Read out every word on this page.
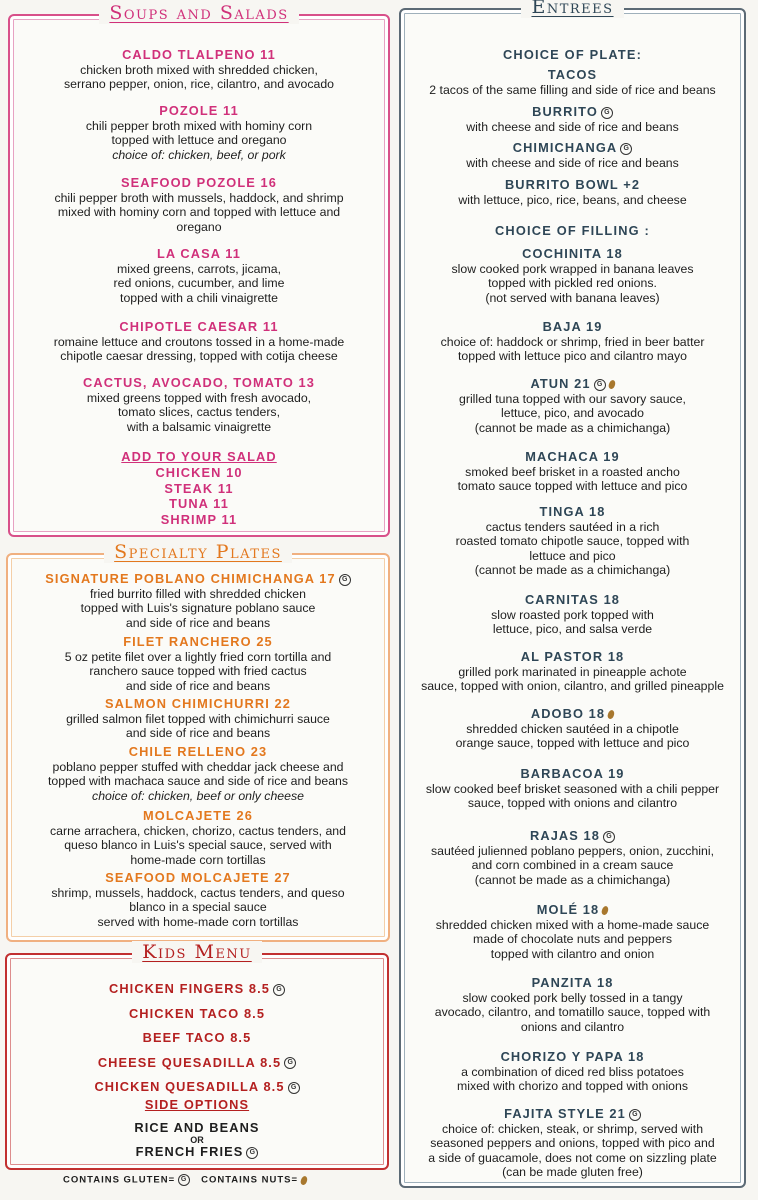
Soups and Salads
CALDO TLALPENO 11
chicken broth mixed with shredded chicken,
serrano pepper, onion, rice, cilantro, and avocado
POZOLE 11
chili pepper broth mixed with hominy corn
topped with lettuce and oregano
choice of: chicken, beef, or pork
SEAFOOD POZOLE 16
chili pepper broth with mussels, haddock, and shrimp
mixed with hominy corn and topped with lettuce and
oregano
LA CASA 11
mixed greens, carrots, jicama,
red onions, cucumber, and lime
topped with a chili vinaigrette
CHIPOTLE CAESAR 11
romaine lettuce and croutons tossed in a home-made
chipotle caesar dressing, topped with cotija cheese
CACTUS, AVOCADO, TOMATO 13
mixed greens topped with fresh avocado,
tomato slices, cactus tenders,
with a balsamic vinaigrette
ADD TO YOUR SALAD
CHICKEN 10
STEAK 11
TUNA 11
SHRIMP 11
Specialty Plates
SIGNATURE POBLANO CHIMICHANGA 17 G
fried burrito filled with shredded chicken
topped with Luis's signature poblano sauce
and side of rice and beans
FILET RANCHERO 25
5 oz petite filet over a lightly fried corn tortilla and
ranchero sauce topped with fried cactus
and side of rice and beans
SALMON CHIMICHURRI 22
grilled salmon filet topped with chimichurri sauce
and side of rice and beans
CHILE RELLENO 23
poblano pepper stuffed with cheddar jack cheese and
topped with machaca sauce and side of rice and beans
choice of: chicken, beef or only cheese
MOLCAJETE 26
carne arrachera, chicken, chorizo, cactus tenders, and
queso blanco in Luis's special sauce, served with
home-made corn tortillas
SEAFOOD MOLCAJETE 27
shrimp, mussels, haddock, cactus tenders, and queso
blanco in a special sauce
served with home-made corn tortillas
Kids Menu
CHICKEN FINGERS 8.5 G
CHICKEN TACO 8.5
BEEF TACO 8.5
CHEESE QUESADILLA 8.5 G
CHICKEN QUESADILLA 8.5 G
SIDE OPTIONS
RICE AND BEANS
OR
FRENCH FRIES G
CONTAINS GLUTEN= G CONTAINS NUTS=
Entrees
CHOICE OF PLATE:
TACOS
2 tacos of the same filling and side of rice and beans
BURRITO G
with cheese and side of rice and beans
CHIMICHANGA G
with cheese and side of rice and beans
BURRITO BOWL +2
with lettuce, pico, rice, beans, and cheese
CHOICE OF FILLING :
COCHINITA 18
slow cooked pork wrapped in banana leaves
topped with pickled red onions.
(not served with banana leaves)
BAJA 19
choice of: haddock or shrimp, fried in beer batter
topped with lettuce pico and cilantro mayo
ATUN 21 G
grilled tuna topped with our savory sauce,
lettuce, pico, and avocado
(cannot be made as a chimichanga)
MACHACA 19
smoked beef brisket in a roasted ancho
tomato sauce topped with lettuce and pico
TINGA 18
cactus tenders sautéed in a rich
roasted tomato chipotle sauce, topped with
lettuce and pico
(cannot be made as a chimichanga)
CARNITAS 18
slow roasted pork topped with
lettuce, pico, and salsa verde
AL PASTOR 18
grilled pork marinated in pineapple achote
sauce, topped with onion, cilantro, and grilled pineapple
ADOBO 18
shredded chicken sautéed in a chipotle
orange sauce, topped with lettuce and pico
BARBACOA 19
slow cooked beef brisket seasoned with a chili pepper
sauce, topped with onions and cilantro
RAJAS 18 G
sautéed julienned poblano peppers, onion, zucchini,
and corn combined in a cream sauce
(cannot be made as a chimichanga)
MOLÉ 18
shredded chicken mixed with a home-made sauce
made of chocolate nuts and peppers
topped with cilantro and onion
PANZITA 18
slow cooked pork belly tossed in a tangy
avocado, cilantro, and tomatillo sauce, topped with
onions and cilantro
CHORIZO Y PAPA 18
a combination of diced red bliss potatoes
mixed with chorizo and topped with onions
FAJITA STYLE 21 G
choice of: chicken, steak, or shrimp, served with
seasoned peppers and onions, topped with pico and
a side of guacamole, does not come on sizzling plate
(can be made gluten free)
